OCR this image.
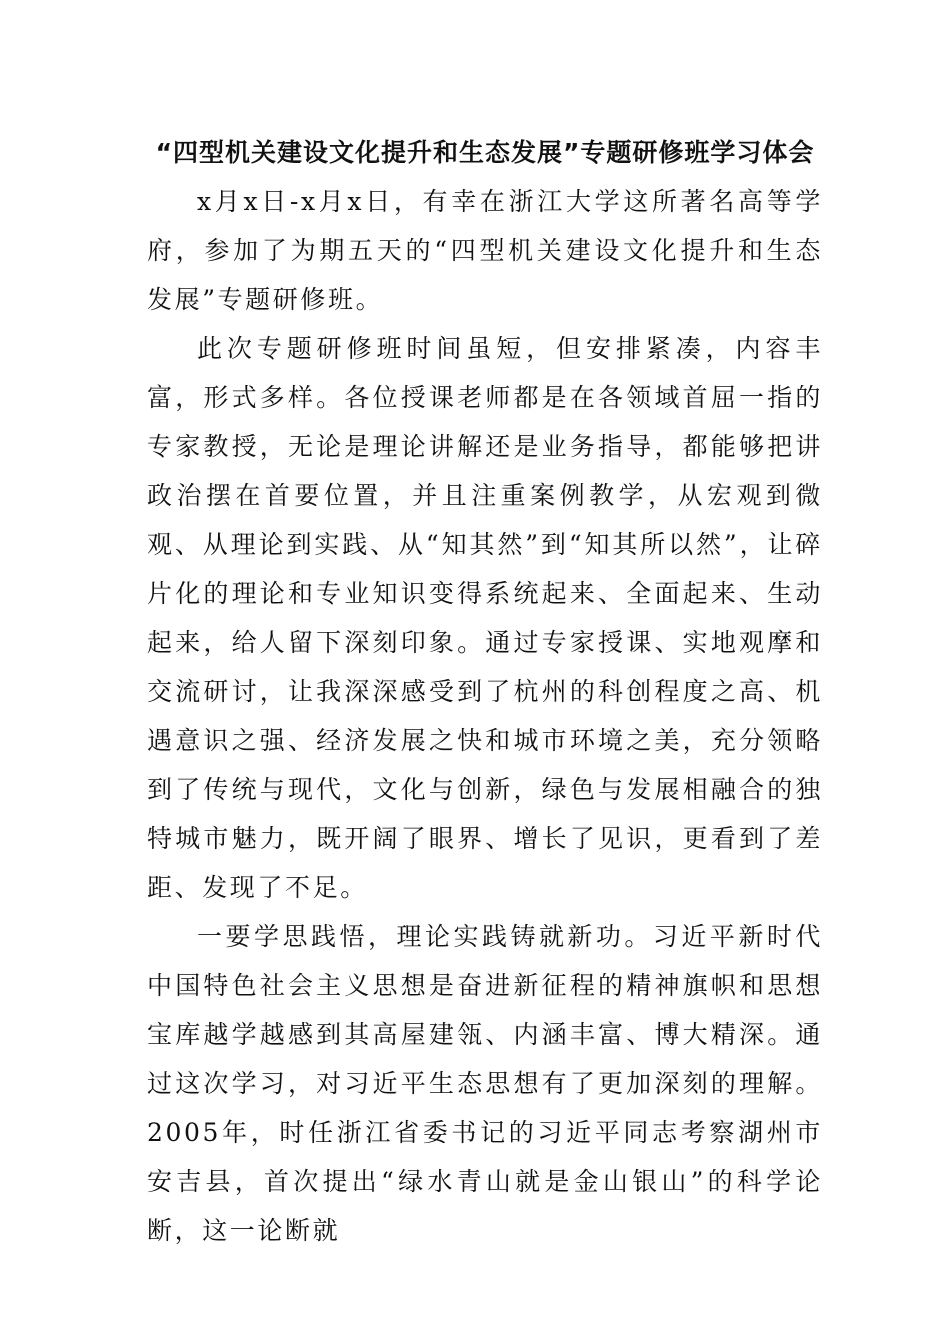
“四型机关建设文化提升和生态发展”专题研修班学习体会

x月x日-x月x日，有幸在浙江大学这所著名高等学府，参加了为期五天的“四型机关建设文化提升和生态发展”专题研修班。

此次专题研修班时间虽短，但安排紧凑，内容丰富，形式多样。各位授课老师都是在各领域首屈一指的专家教授，无论是理论讲解还是业务指导，都能够把讲政治摆在首要位置，并且注重案例教学，从宏观到微观、从理论到实践、从“知其然”到“知其所以然”，让碎片化的理论和专业知识变得系统起来、全面起来、生动起来，给人留下深刻印象。通过专家授课、实地观摩和交流研讨，让我深深感受到了杭州的科创程度之高、机遇意识之强、经济发展之快和城市环境之美，充分领略到了传统与现代，文化与创新，绿色与发展相融合的独特城市魅力，既开阔了眼界、增长了见识，更看到了差距、发现了不足。

一要学思践悟，理论实践铸就新功。习近平新时代中国特色社会主义思想是奋进新征程的精神旗帜和思想宝库越学越感到其高屋建瓴、内涵丰富、博大精深。通过这次学习，对习近平生态思想有了更加深刻的理解。2005年，时任浙江省委书记的习近平同志考察湖州市安吉县，首次提出“绿水青山就是金山银山”的科学论断，这一论断就
